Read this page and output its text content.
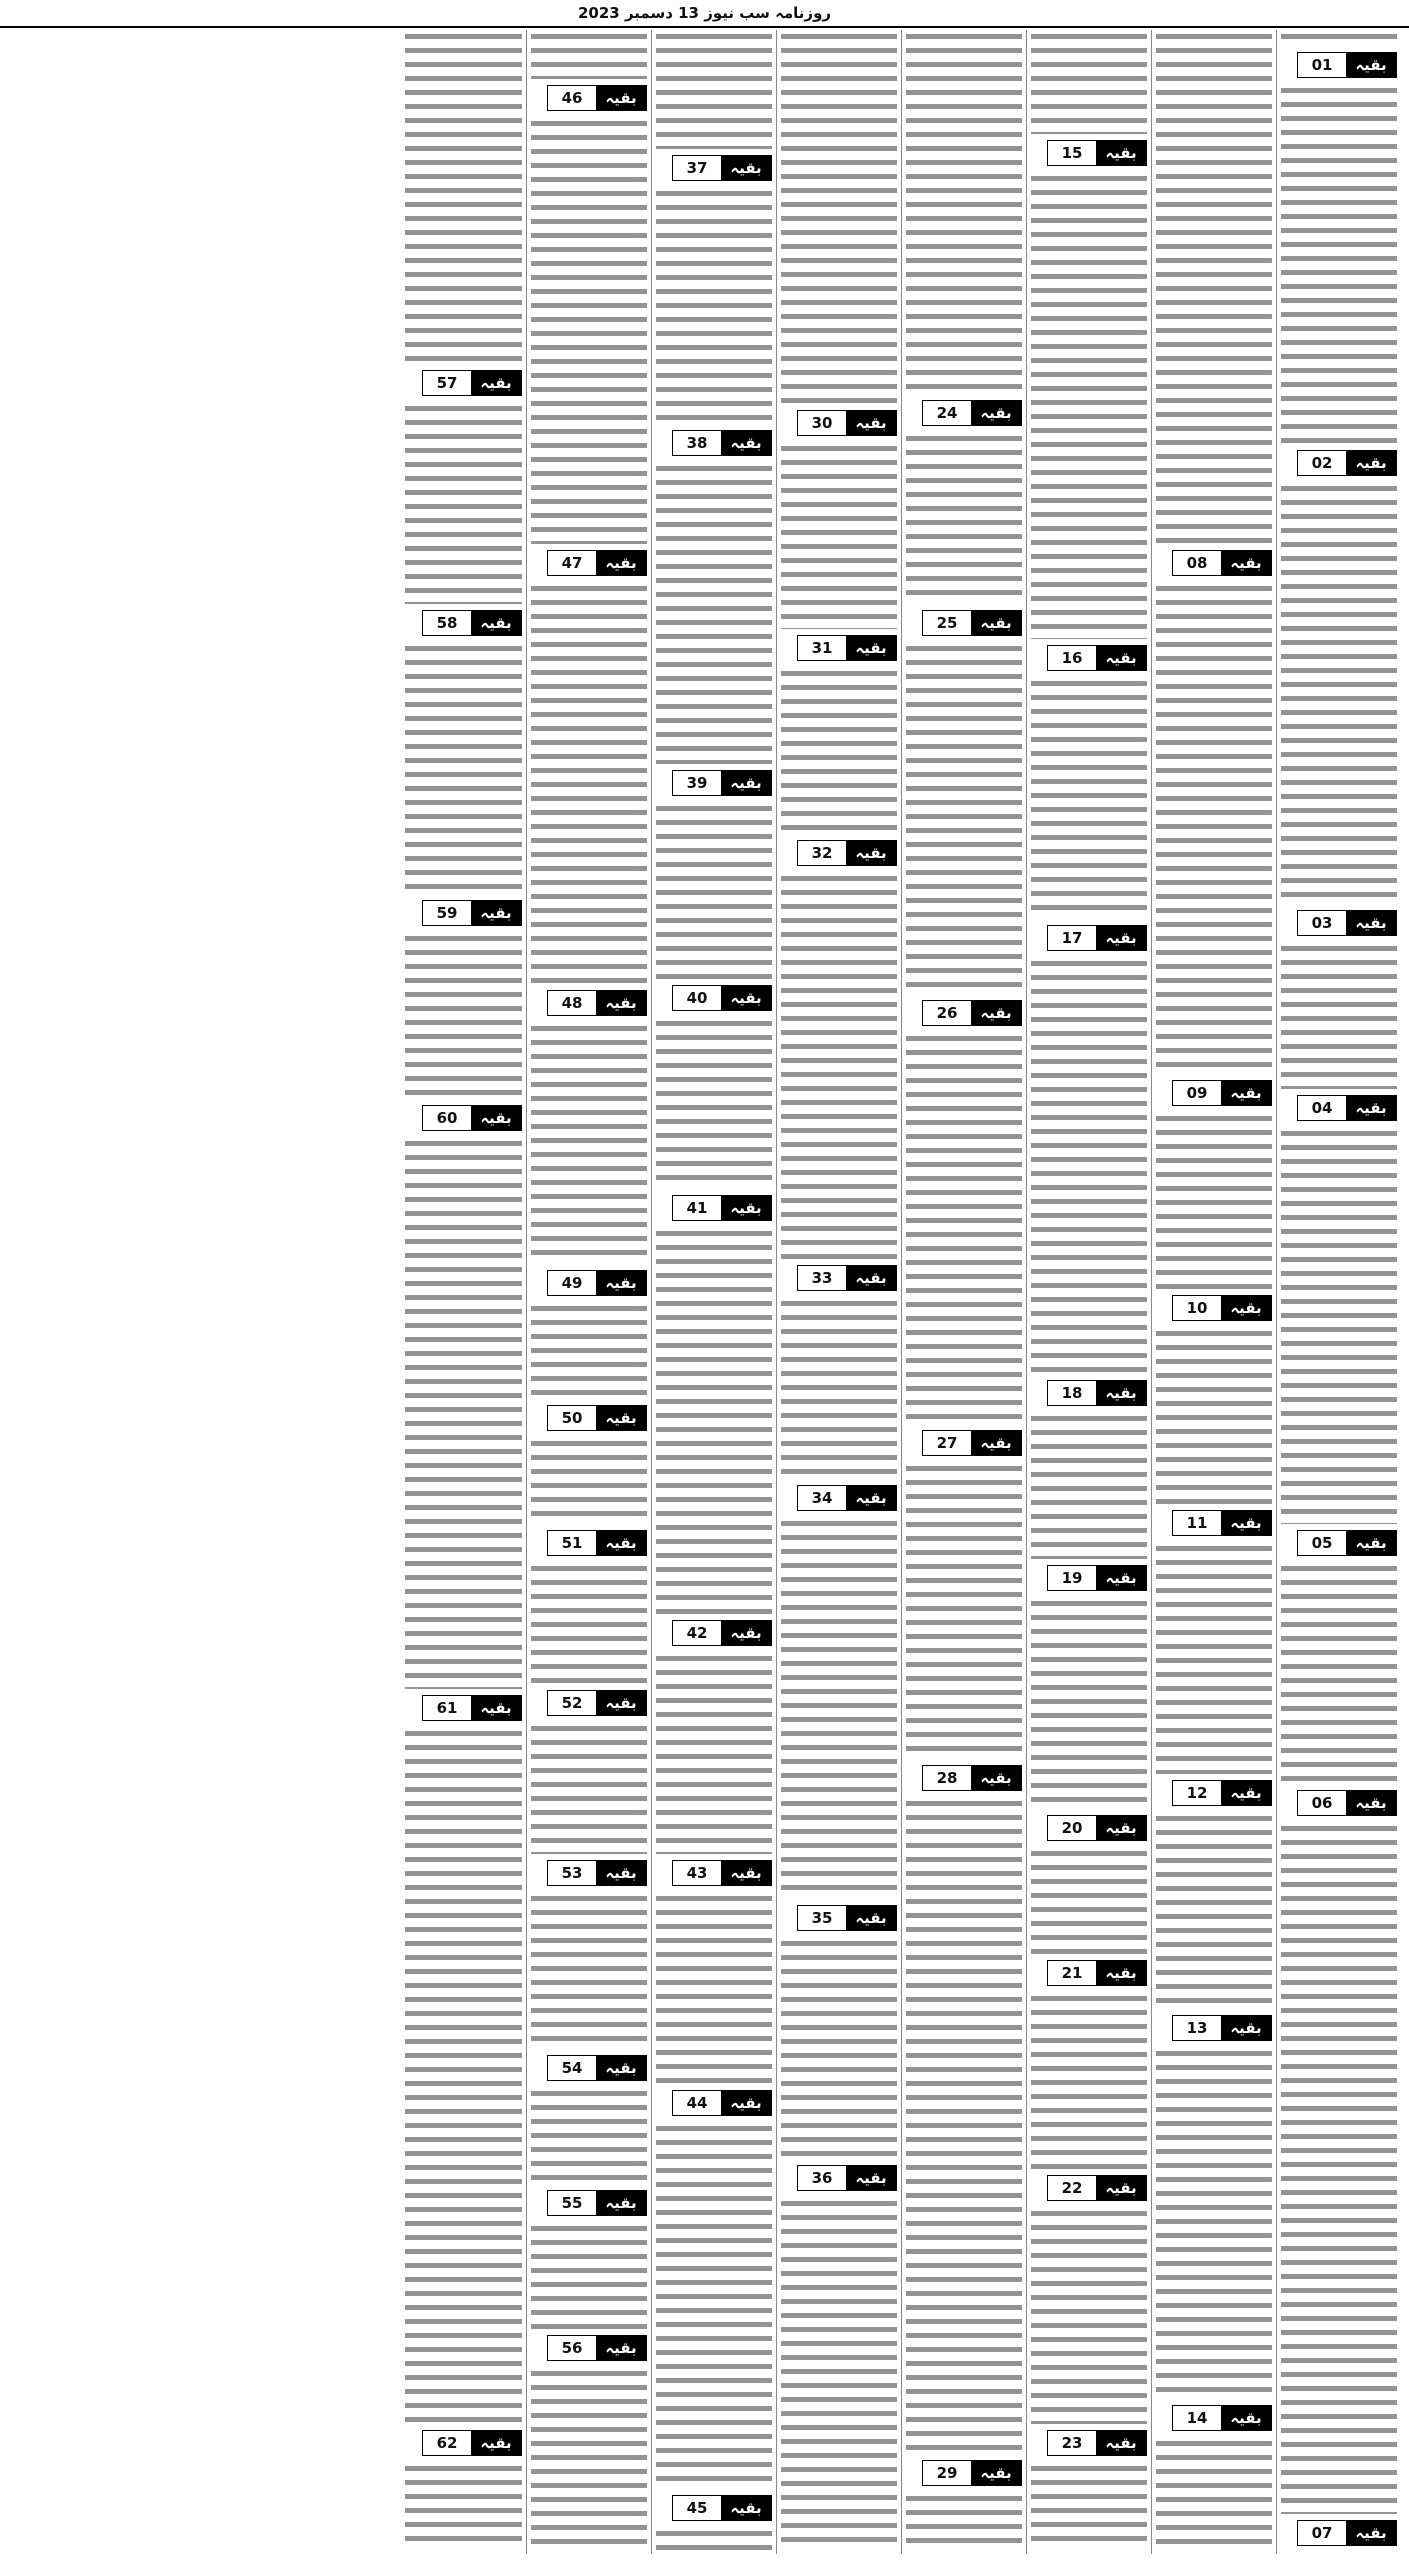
روزنامہ سب نیوز 13 دسمبر 2023
بقیہ
01
بقیہ
02
بقیہ
03
بقیہ
04
بقیہ
05
بقیہ
06
بقیہ
07
بقیہ
08
بقیہ
09
بقیہ
10
بقیہ
11
بقیہ
12
بقیہ
13
بقیہ
14
بقیہ
15
بقیہ
16
بقیہ
17
بقیہ
18
بقیہ
19
بقیہ
20
بقیہ
21
بقیہ
22
بقیہ
23
بقیہ
24
بقیہ
25
بقیہ
26
بقیہ
27
بقیہ
28
بقیہ
29
بقیہ
30
بقیہ
31
بقیہ
32
بقیہ
33
بقیہ
34
بقیہ
35
بقیہ
36
بقیہ
37
بقیہ
38
بقیہ
39
بقیہ
40
بقیہ
41
بقیہ
42
بقیہ
43
بقیہ
44
بقیہ
45
بقیہ
46
بقیہ
47
بقیہ
48
بقیہ
49
بقیہ
50
بقیہ
51
بقیہ
52
بقیہ
53
بقیہ
54
بقیہ
55
بقیہ
56
بقیہ
57
بقیہ
58
بقیہ
59
بقیہ
60
بقیہ
61
بقیہ
62
